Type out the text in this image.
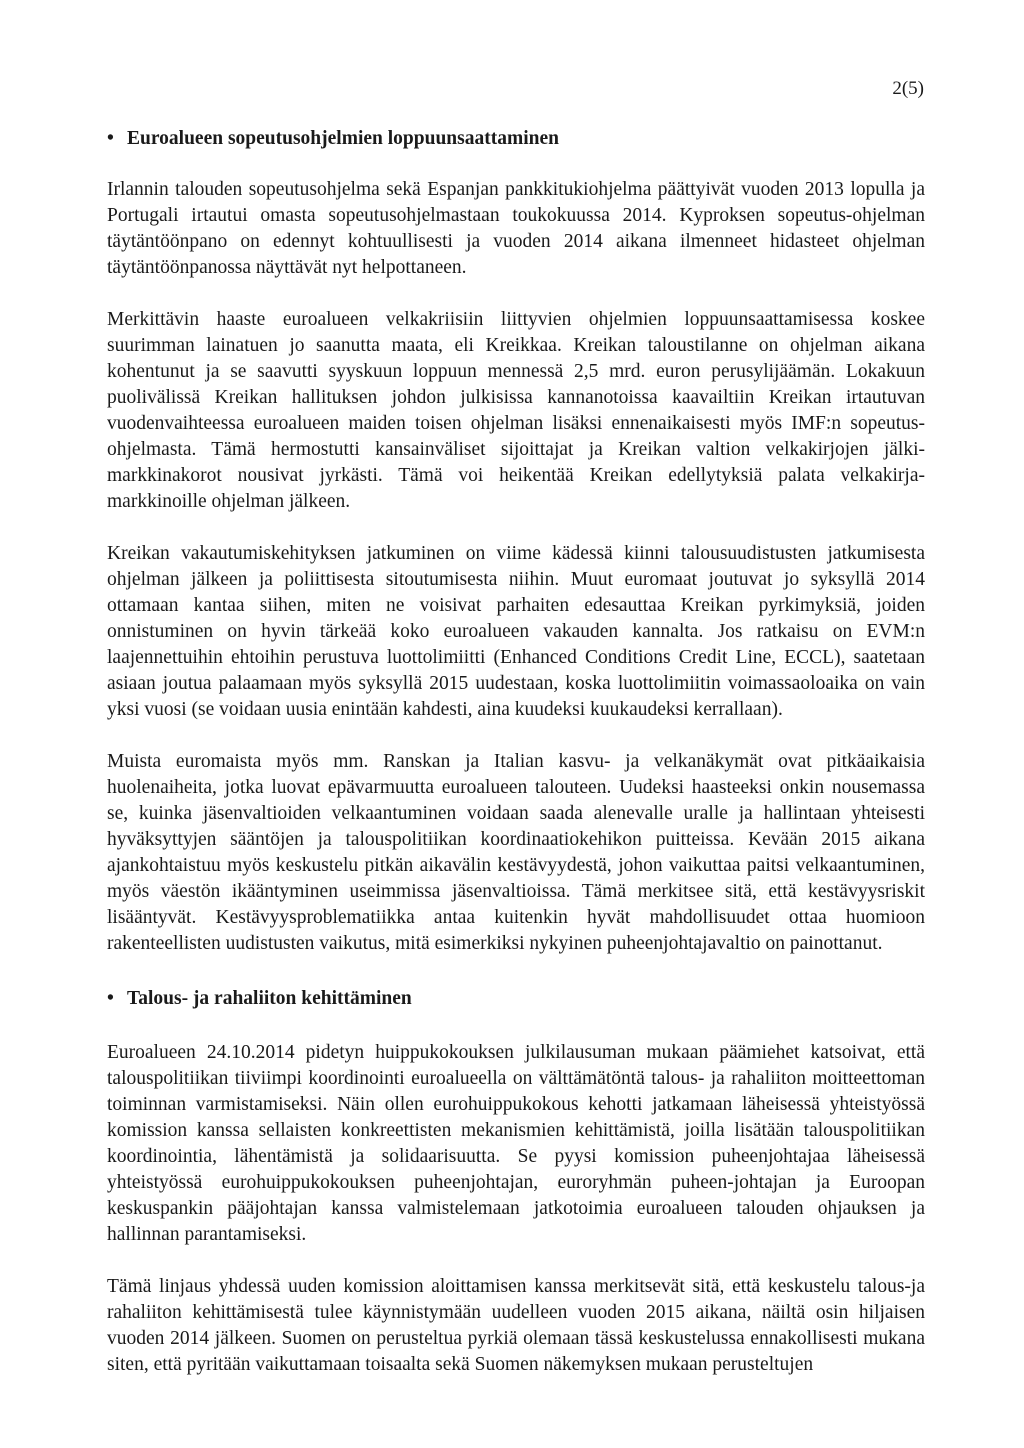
2(5)
• Euroalueen sopeutusohjelmien loppuunsaattaminen

Irlannin talouden sopeutusohjelma sekä Espanjan pankkitukiohjelma päättyivät vuoden 2013 lopulla ja Portugali irtautui omasta sopeutusohjelmastaan toukokuussa 2014. Kyproksen sopeutus-ohjelman täytäntöönpano on edennyt kohtuullisesti ja vuoden 2014 aikana ilmenneet hidasteet ohjelman täytäntöönpanossa näyttävät nyt helpottaneen.

Merkittävin haaste euroalueen velkakriisiin liittyvien ohjelmien loppuunsaattamisessa koskee suurimman lainatuen jo saanutta maata, eli Kreikkaa. Kreikan taloustilanne on ohjelman aikana kohentunut ja se saavutti syyskuun loppuun mennessä 2,5 mrd. euron perusylijäämän. Lokakuun puolivälissä Kreikan hallituksen johdon julkisissa kannanotoissa kaavailtiin Kreikan irtautuvan vuodenvaihteessa euroalueen maiden toisen ohjelman lisäksi ennenaikaisesti myös IMF:n sopeutus-ohjelmasta. Tämä hermostutti kansainväliset sijoittajat ja Kreikan valtion velkakirjojen jälki-markkinakorot nousivat jyrkästi. Tämä voi heikentää Kreikan edellytyksiä palata velkakirja-markkinoille ohjelman jälkeen.

Kreikan vakautumiskehityksen jatkuminen on viime kädessä kiinni talousuudistusten jatkumisesta ohjelman jälkeen ja poliittisesta sitoutumisesta niihin. Muut euromaat joutuvat jo syksyllä 2014 ottamaan kantaa siihen, miten ne voisivat parhaiten edesauttaa Kreikan pyrkimyksiä, joiden onnistuminen on hyvin tärkeää koko euroalueen vakauden kannalta. Jos ratkaisu on EVM:n laajennettuihin ehtoihin perustuva luottolimiitti (Enhanced Conditions Credit Line, ECCL), saatetaan asiaan joutua palaamaan myös syksyllä 2015 uudestaan, koska luottolimiitin voimassaoloaika on vain yksi vuosi (se voidaan uusia enintään kahdesti, aina kuudeksi kuukaudeksi kerrallaan).

Muista euromaista myös mm. Ranskan ja Italian kasvu- ja velkanäkymät ovat pitkäaikaisia huolenaiheita, jotka luovat epävarmuutta euroalueen talouteen. Uudeksi haasteeksi onkin nousemassa se, kuinka jäsenvaltioiden velkaantuminen voidaan saada alenevalle uralle ja hallintaan yhteisesti hyväksyttyjen sääntöjen ja talouspolitiikan koordinaatiokehikon puitteissa. Kevään 2015 aikana ajankohtaistuu myös keskustelu pitkän aikavälin kestävyydestä, johon vaikuttaa paitsi velkaantuminen, myös väestön ikääntyminen useimmissa jäsenvaltioissa. Tämä merkitsee sitä, että kestävyysriskit lisääntyvät. Kestävyysproblematiikka antaa kuitenkin hyvät mahdollisuudet ottaa huomioon rakenteellisten uudistusten vaikutus, mitä esimerkiksi nykyinen puheenjohtajavaltio on painottanut.

• Talous- ja rahaliiton kehittäminen

Euroalueen 24.10.2014 pidetyn huippukokouksen julkilausuman mukaan päämiehet katsoivat, että talouspolitiikan tiiviimpi koordinointi euroalueella on välttämätöntä talous- ja rahaliiton moitteettoman toiminnan varmistamiseksi. Näin ollen eurohuippukokous kehotti jatkamaan läheisessä yhteistyössä komission kanssa sellaisten konkreettisten mekanismien kehittämistä, joilla lisätään talouspolitiikan koordinointia, lähentämistä ja solidaarisuutta. Se pyysi komission puheenjohtajaa läheisessä yhteistyössä eurohuippukokouksen puheenjohtajan, euroryhmän puheen-johtajan ja Euroopan keskuspankin pääjohtajan kanssa valmistelemaan jatkotoimia euroalueen talouden ohjauksen ja hallinnan parantamiseksi.

Tämä linjaus yhdessä uuden komission aloittamisen kanssa merkitsevät sitä, että keskustelu talous-ja rahaliiton kehittämisestä tulee käynnistymään uudelleen vuoden 2015 aikana, näiltä osin hiljaisen vuoden 2014 jälkeen. Suomen on perusteltua pyrkiä olemaan tässä keskustelussa ennakollisesti mukana siten, että pyritään vaikuttamaan toisaalta sekä Suomen näkemyksen mukaan perusteltujen
